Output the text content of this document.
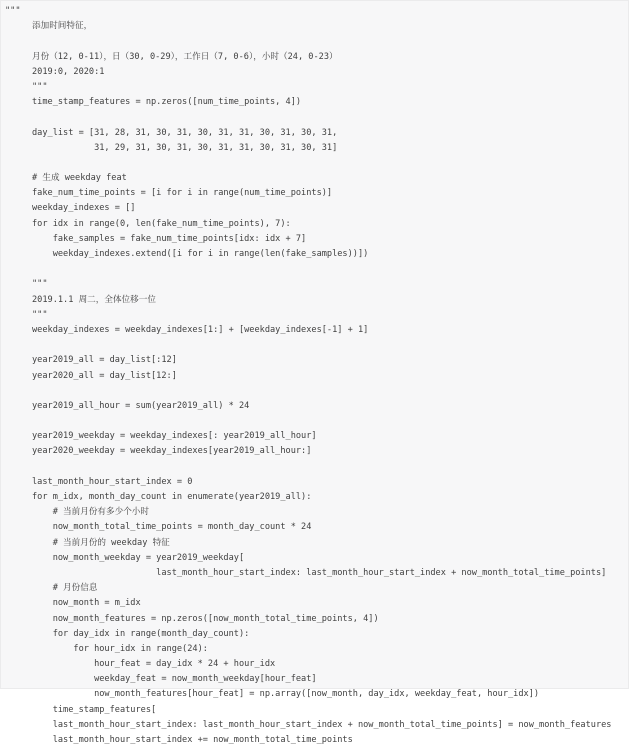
"""
添加时间特征，
月份（12, 0-11），日（30, 0-29），工作日（7, 0-6），小时（24, 0-23）
2019:0, 2020:1
"""
time_stamp_features = np.zeros([num_time_points, 4])
day_list = [31, 28, 31, 30, 31, 30, 31, 31, 30, 31, 30, 31,
31, 29, 31, 30, 31, 30, 31, 31, 30, 31, 30, 31]
# 生成 weekday feat
fake_num_time_points = [i for i in range(num_time_points)]
weekday_indexes = []
for idx in range(0, len(fake_num_time_points), 7):
fake_samples = fake_num_time_points[idx: idx + 7]
weekday_indexes.extend([i for i in range(len(fake_samples))])
"""
2019.1.1 周二，全体位移一位
"""
weekday_indexes = weekday_indexes[1:] + [weekday_indexes[-1] + 1]
year2019_all = day_list[:12]
year2020_all = day_list[12:]
year2019_all_hour = sum(year2019_all) * 24
year2019_weekday = weekday_indexes[: year2019_all_hour]
year2020_weekday = weekday_indexes[year2019_all_hour:]
last_month_hour_start_index = 0
for m_idx, month_day_count in enumerate(year2019_all):
# 当前月份有多少个小时
now_month_total_time_points = month_day_count * 24
# 当前月份的 weekday 特征
now_month_weekday = year2019_weekday[
last_month_hour_start_index: last_month_hour_start_index + now_month_total_time_points]
# 月份信息
now_month = m_idx
now_month_features = np.zeros([now_month_total_time_points, 4])
for day_idx in range(month_day_count):
for hour_idx in range(24):
hour_feat = day_idx * 24 + hour_idx
weekday_feat = now_month_weekday[hour_feat]
now_month_features[hour_feat] = np.array([now_month, day_idx, weekday_feat, hour_idx])
time_stamp_features[
last_month_hour_start_index: last_month_hour_start_index + now_month_total_time_points] = now_month_features
last_month_hour_start_index += now_month_total_time_points
